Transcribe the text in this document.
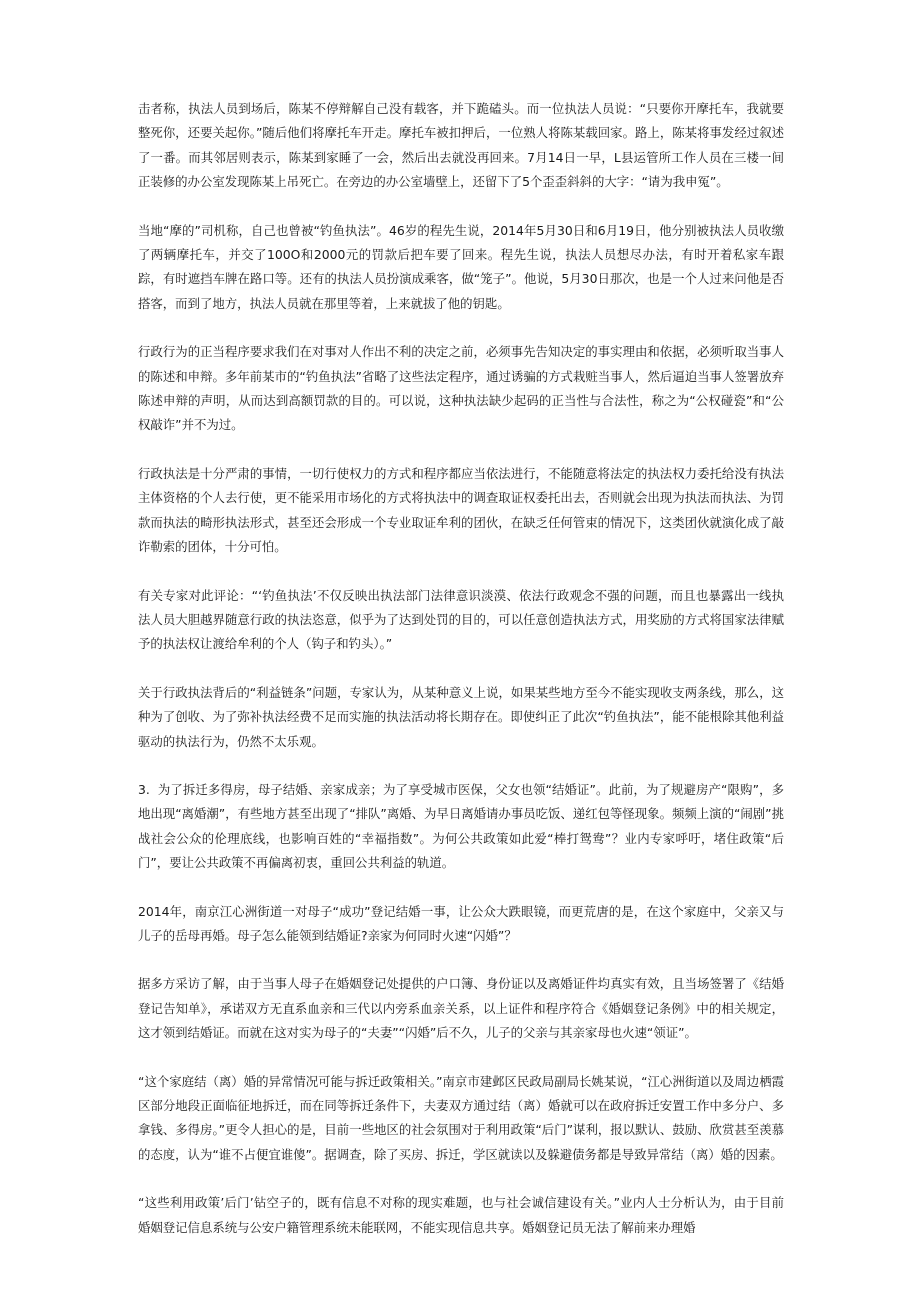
击者称，执法人员到场后，陈某不停辩解自己没有载客，并下跪磕头。而一位执法人员说：“只要你开摩托车，我就要整死你，还要关起你。”随后他们将摩托车开走。摩托车被扣押后，一位熟人将陈某载回家。路上，陈某将事发经过叙述了一番。而其邻居则表示，陈某到家睡了一会，然后出去就没再回来。7月14日一早，L县运管所工作人员在三楼一间正装修的办公室发现陈某上吊死亡。在旁边的办公室墙壁上，还留下了5个歪歪斜斜的大字：“请为我申冤”。

当地“摩的”司机称，自己也曾被“钓鱼执法”。46岁的程先生说，2014年5月30日和6月19日，他分别被执法人员收缴了两辆摩托车，并交了100O和2000元的罚款后把车要了回来。程先生说，执法人员想尽办法，有时开着私家车跟踪，有时遮挡车牌在路口等。还有的执法人员扮演成乘客，做“笼子”。他说，5月30日那次，也是一个人过来问他是否搭客，而到了地方，执法人员就在那里等着，上来就拔了他的钥匙。

行政行为的正当程序要求我们在对事对人作出不利的决定之前，必须事先告知决定的事实理由和依据，必须听取当事人的陈述和申辩。多年前某市的“钓鱼执法”省略了这些法定程序，通过诱骗的方式栽赃当事人，然后逼迫当事人签署放弃陈述申辩的声明，从而达到高额罚款的目的。可以说，这种执法缺少起码的正当性与合法性，称之为“公权碰瓷”和“公权敲诈”并不为过。

行政执法是十分严肃的事情，一切行使权力的方式和程序都应当依法进行，不能随意将法定的执法权力委托给没有执法主体资格的个人去行使，更不能采用市场化的方式将执法中的调查取证权委托出去，否则就会出现为执法而执法、为罚款而执法的畸形执法形式，甚至还会形成一个专业取证牟利的团伙，在缺乏任何管束的情况下，这类团伙就演化成了敲诈勒索的团体，十分可怕。

有关专家对此评论：“‘钓鱼执法’不仅反映出执法部门法律意识淡漠、依法行政观念不强的问题，而且也暴露出一线执法人员大胆越界随意行政的执法恣意，似乎为了达到处罚的目的，可以任意创造执法方式，用奖励的方式将国家法律赋予的执法权让渡给牟利的个人（钩子和钓头）。”

关于行政执法背后的“利益链条”问题，专家认为，从某种意义上说，如果某些地方至今不能实现收支两条线，那么，这种为了创收、为了弥补执法经费不足而实施的执法活动将长期存在。即使纠正了此次“钓鱼执法”，能不能根除其他利益驱动的执法行为，仍然不太乐观。

3.  为了拆迁多得房，母子结婚、亲家成亲；为了享受城市医保，父女也领“结婚证”。此前，为了规避房产“限购”，多地出现“离婚潮”，有些地方甚至出现了“排队”离婚、为早日离婚请办事员吃饭、递红包等怪现象。频频上演的“闹剧”挑战社会公众的伦理底线，也影响百姓的“幸福指数”。为何公共政策如此爱“棒打鸳鸯”？业内专家呼吁，堵住政策“后门”，要让公共政策不再偏离初衷，重回公共利益的轨道。

2014年，南京江心洲街道一对母子“成功”登记结婚一事，让公众大跌眼镜，而更荒唐的是，在这个家庭中，父亲又与儿子的岳母再婚。母子怎么能领到结婚证?亲家为何同时火速“闪婚”？

据多方采访了解，由于当事人母子在婚姻登记处提供的户口簿、身份证以及离婚证件均真实有效，且当场签署了《结婚登记告知单》，承诺双方无直系血亲和三代以内旁系血亲关系，以上证件和程序符合《婚姻登记条例》中的相关规定，这才领到结婚证。而就在这对实为母子的“夫妻”“闪婚”后不久，儿子的父亲与其亲家母也火速“领证”。

“这个家庭结（离）婚的异常情况可能与拆迁政策相关。”南京市建邺区民政局副局长姚某说，“江心洲街道以及周边栖霞区部分地段正面临征地拆迁，而在同等拆迁条件下，夫妻双方通过结（离）婚就可以在政府拆迁安置工作中多分户、多拿钱、多得房。”更令人担心的是，目前一些地区的社会氛围对于利用政策“后门”谋利，报以默认、鼓励、欣赏甚至羡慕的态度，认为“谁不占便宜谁傻”。据调查，除了买房、拆迁，学区就读以及躲避债务都是导致异常结（离）婚的因素。

“这些利用政策’后门’钻空子的，既有信息不对称的现实难题，也与社会诚信建设有关。”业内人士分析认为，由于目前婚姻登记信息系统与公安户籍管理系统未能联网，不能实现信息共享。婚姻登记员无法了解前来办理婚
